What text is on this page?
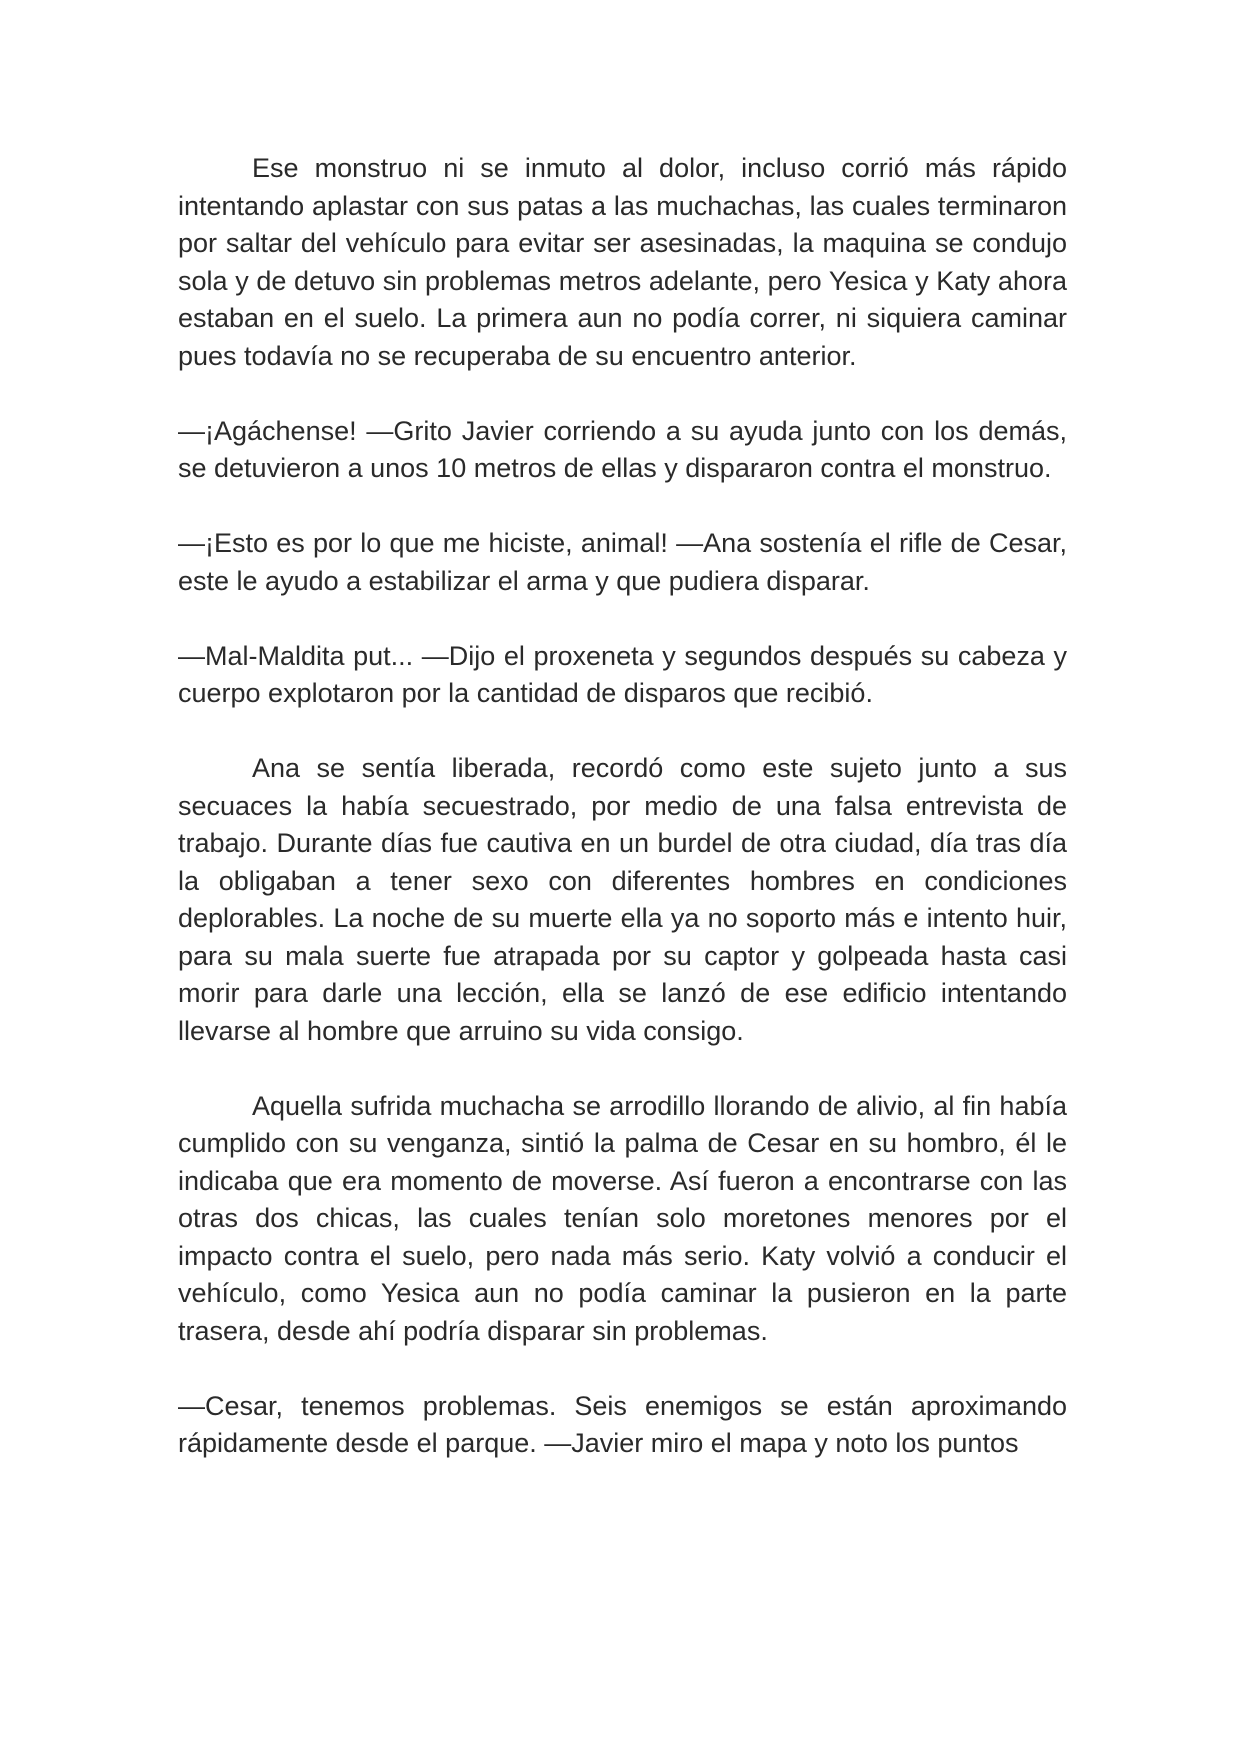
Ese monstruo ni se inmuto al dolor, incluso corrió más rápido intentando aplastar con sus patas a las muchachas, las cuales terminaron por saltar del vehículo para evitar ser asesinadas, la maquina se condujo sola y de detuvo sin problemas metros adelante, pero Yesica y Katy ahora estaban en el suelo. La primera aun no podía correr, ni siquiera caminar pues todavía no se recuperaba de su encuentro anterior.

—¡Agáchense! —Grito Javier corriendo a su ayuda junto con los demás, se detuvieron a unos 10 metros de ellas y dispararon contra el monstruo.

—¡Esto es por lo que me hiciste, animal! —Ana sostenía el rifle de Cesar, este le ayudo a estabilizar el arma y que pudiera disparar.

—Mal-Maldita put... —Dijo el proxeneta y segundos después su cabeza y cuerpo explotaron por la cantidad de disparos que recibió.

Ana se sentía liberada, recordó como este sujeto junto a sus secuaces la había secuestrado, por medio de una falsa entrevista de trabajo. Durante días fue cautiva en un burdel de otra ciudad, día tras día la obligaban a tener sexo con diferentes hombres en condiciones deplorables. La noche de su muerte ella ya no soporto más e intento huir, para su mala suerte fue atrapada por su captor y golpeada hasta casi morir para darle una lección, ella se lanzó de ese edificio intentando llevarse al hombre que arruino su vida consigo.

Aquella sufrida muchacha se arrodillo llorando de alivio, al fin había cumplido con su venganza, sintió la palma de Cesar en su hombro, él le indicaba que era momento de moverse. Así fueron a encontrarse con las otras dos chicas, las cuales tenían solo moretones menores por el impacto contra el suelo, pero nada más serio. Katy volvió a conducir el vehículo, como Yesica aun no podía caminar la pusieron en la parte trasera, desde ahí podría disparar sin problemas.

—Cesar, tenemos problemas. Seis enemigos se están aproximando rápidamente desde el parque. —Javier miro el mapa y noto los puntos
